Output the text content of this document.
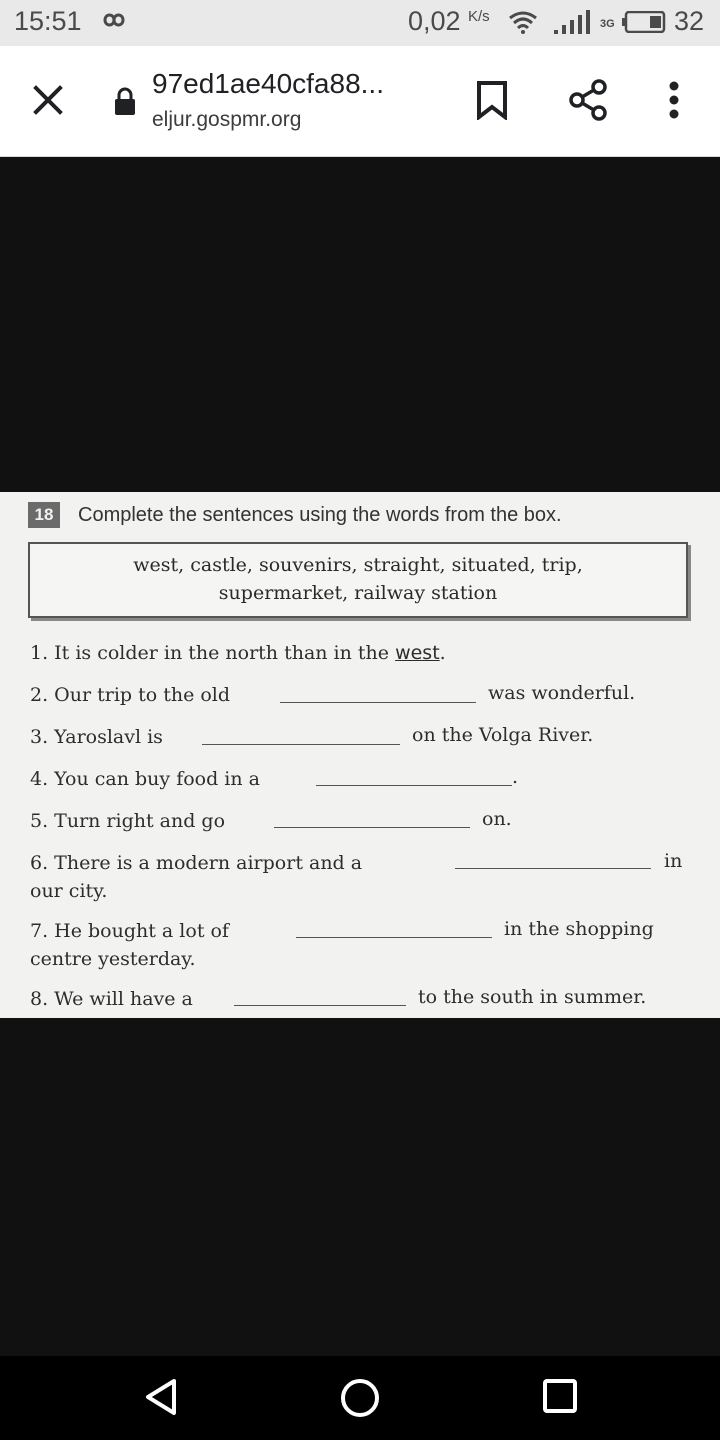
15:51	0,02 K/s	3G 32
97ed1ae40cfa88...
eljur.gospmr.org
18	Complete the sentences using the words from the box.
west, castle, souvenirs, straight, situated, trip,
supermarket, railway station
1. It is colder in the north than in the west.
2. Our trip to the old	was wonderful.
3. Yaroslavl is	on the Volga River.
4. You can buy food in a	.
5. Turn right and go	on.
6. There is a modern airport and a	in
our city.
7. He bought a lot of	in the shopping
centre yesterday.
8. We will have a	to the south in summer.
